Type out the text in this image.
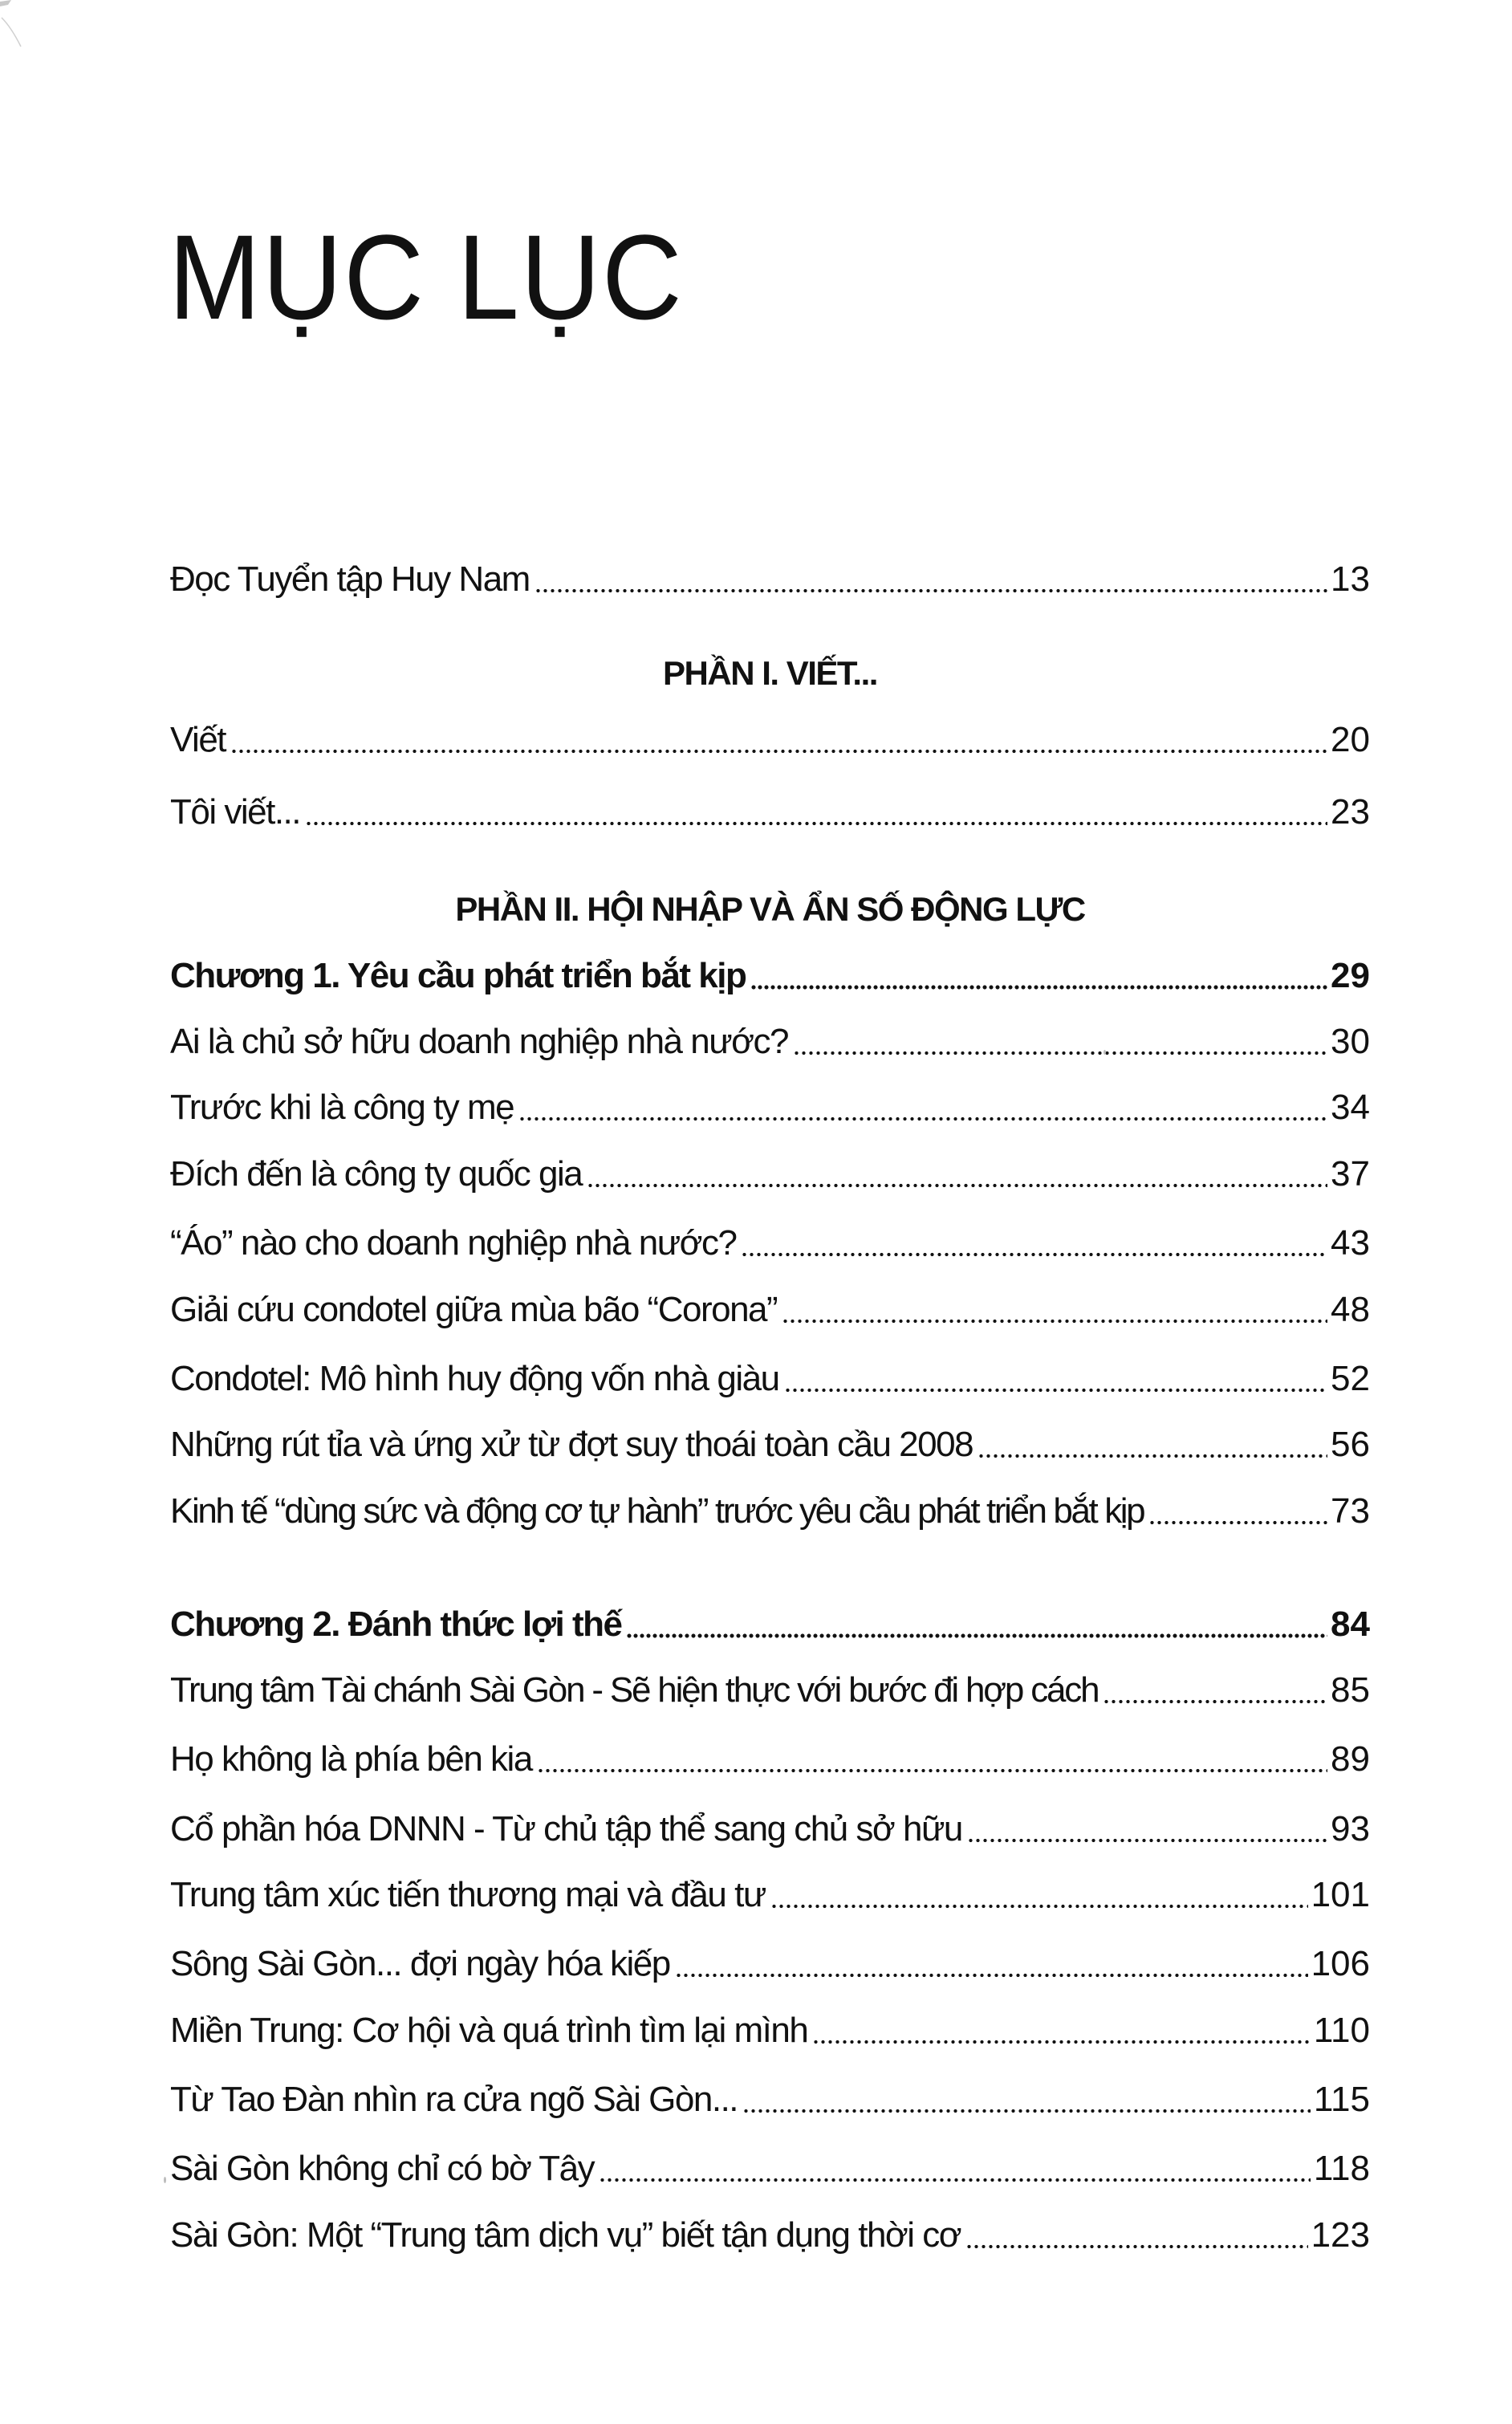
MỤC LỤC
Đọc Tuyển tập Huy Nam	13
PHẦN I. VIẾT...
Viết	20
Tôi viết...	23
PHẦN II. HỘI NHẬP VÀ ẨN SỐ ĐỘNG LỰC
Chương 1. Yêu cầu phát triển bắt kịp	29
Ai là chủ sở hữu doanh nghiệp nhà nước?	30
Trước khi là công ty mẹ	34
Đích đến là công ty quốc gia	37
“Áo” nào cho doanh nghiệp nhà nước?	43
Giải cứu condotel giữa mùa bão “Corona”	48
Condotel: Mô hình huy động vốn nhà giàu	52
Những rút tỉa và ứng xử từ đợt suy thoái toàn cầu 2008	56
Kinh tế “dùng sức và động cơ tự hành” trước yêu cầu phát triển bắt kịp	73
Chương 2. Đánh thức lợi thế	84
Trung tâm Tài chánh Sài Gòn - Sẽ hiện thực với bước đi hợp cách	85
Họ không là phía bên kia	89
Cổ phần hóa DNNN - Từ chủ tập thể sang chủ sở hữu	93
Trung tâm xúc tiến thương mại và đầu tư	101
Sông Sài Gòn... đợi ngày hóa kiếp	106
Miền Trung: Cơ hội và quá trình tìm lại mình	110
Từ Tao Đàn nhìn ra cửa ngõ Sài Gòn...	115
Sài Gòn không chỉ có bờ Tây	118
Sài Gòn: Một “Trung tâm dịch vụ” biết tận dụng thời cơ	123
